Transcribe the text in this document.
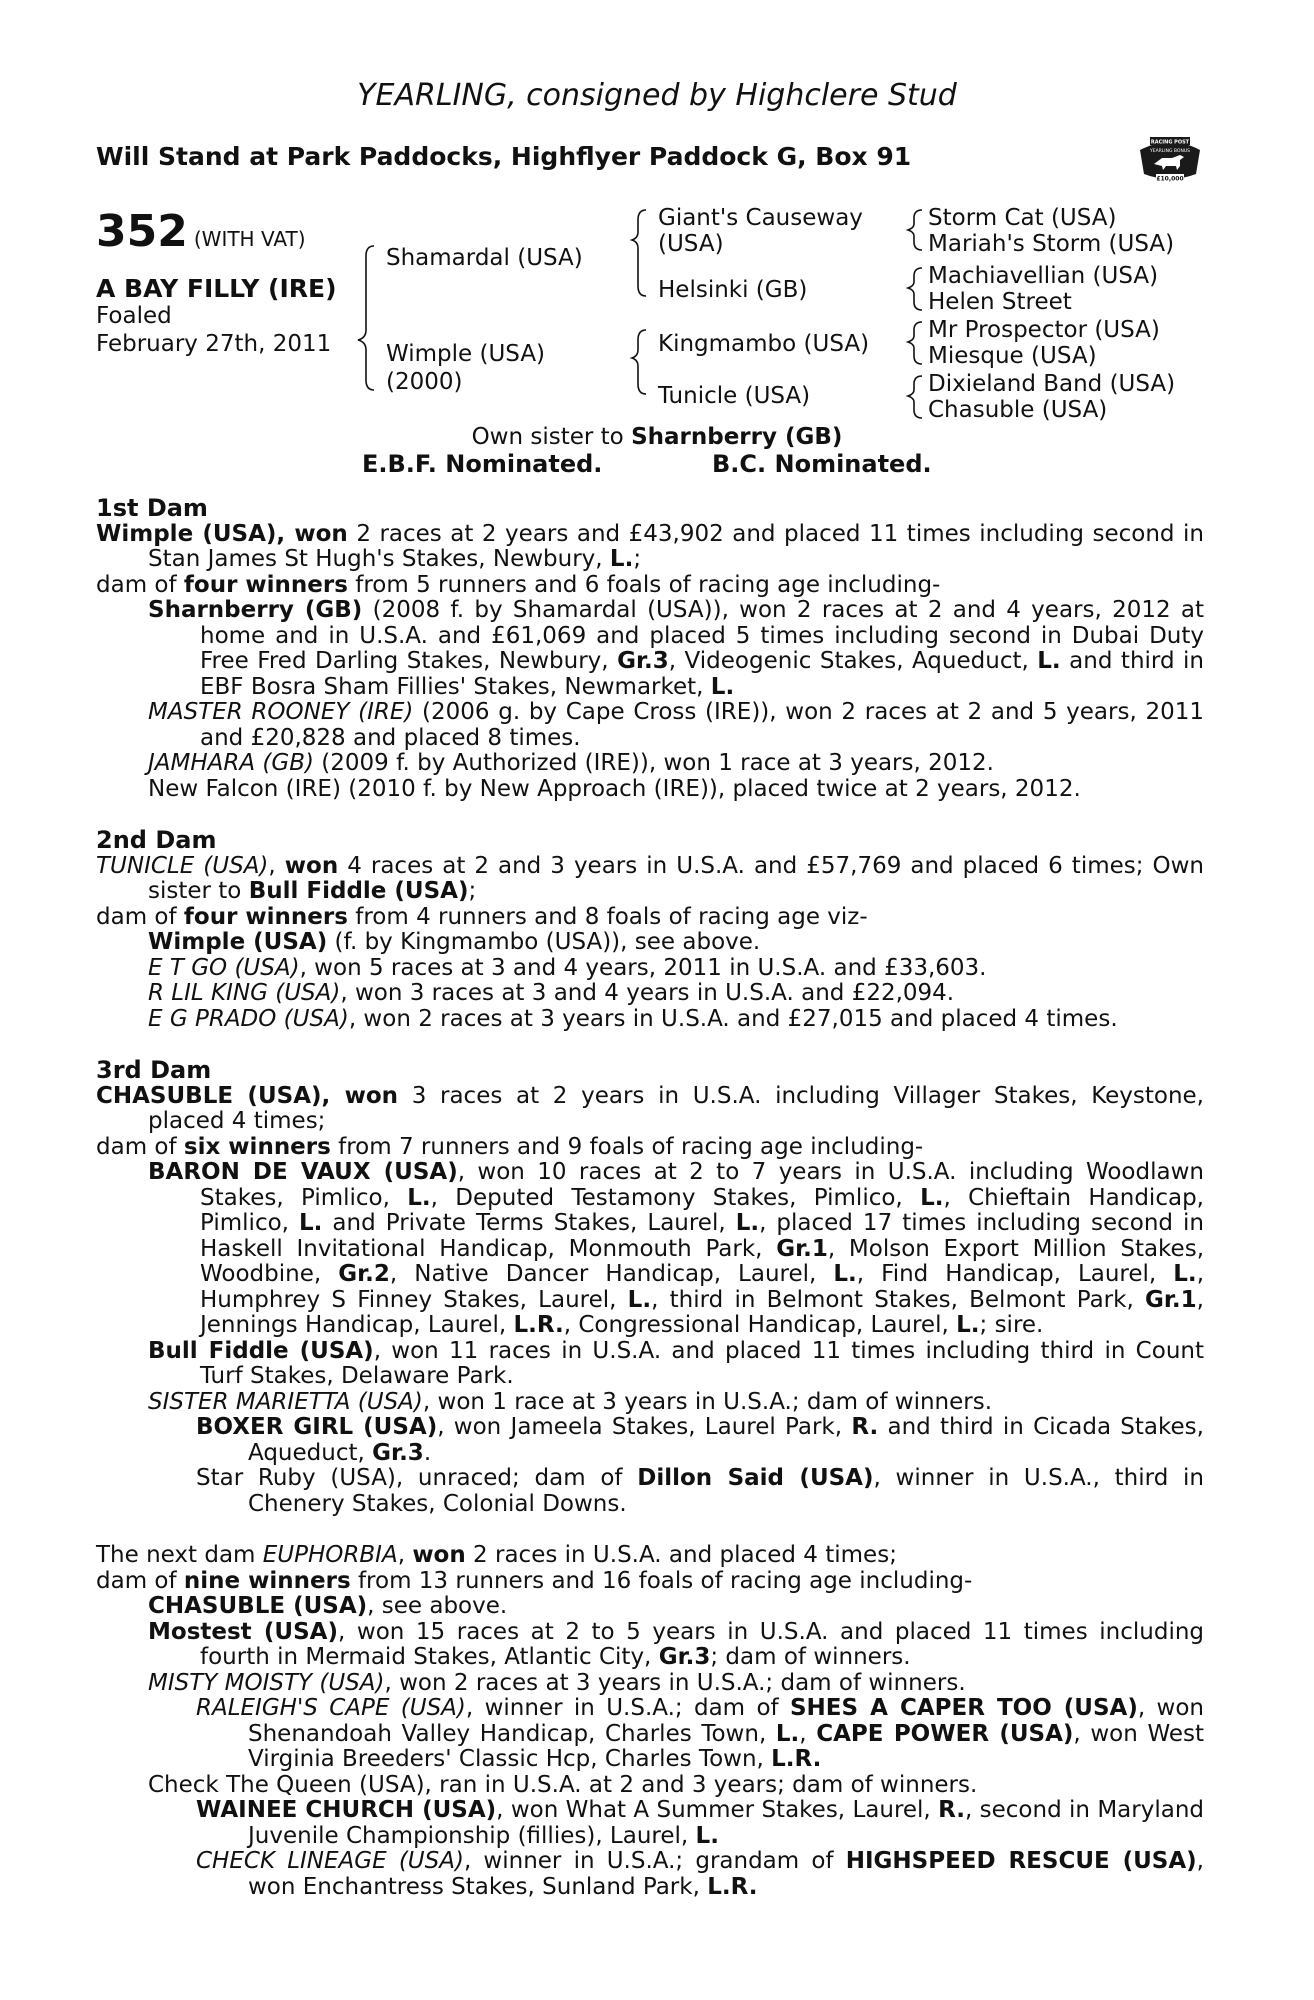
YEARLING, consigned by Highclere Stud
Will Stand at Park Paddocks, Highflyer Paddock G, Box 91	RACING POST
YEARLING BONUS
£10,000
352 (WITH VAT)
A BAY FILLY (IRE)
Foaled
February 27th, 2011
Shamardal (USA)
Wimple (USA)
(2000)
Giant's Causeway
(USA)
Helsinki (GB)
Kingmambo (USA)
Tunicle (USA)
Storm Cat (USA)
Mariah's Storm (USA)
Machiavellian (USA)
Helen Street
Mr Prospector (USA)
Miesque (USA)
Dixieland Band (USA)
Chasuble (USA)
Own sister to Sharnberry (GB)
E.B.F. Nominated.	B.C. Nominated.
1st Dam
Wimple (USA), won 2 races at 2 years and £43,902 and placed 11 times including second in Stan James St Hugh's Stakes, Newbury, L.;
dam of four winners from 5 runners and 6 foals of racing age including-
Sharnberry (GB) (2008 f. by Shamardal (USA)), won 2 races at 2 and 4 years, 2012 at home and in U.S.A. and £61,069 and placed 5 times including second in Dubai Duty Free Fred Darling Stakes, Newbury, Gr.3, Videogenic Stakes, Aqueduct, L. and third in EBF Bosra Sham Fillies' Stakes, Newmarket, L.
MASTER ROONEY (IRE) (2006 g. by Cape Cross (IRE)), won 2 races at 2 and 5 years, 2011 and £20,828 and placed 8 times.
JAMHARA (GB) (2009 f. by Authorized (IRE)), won 1 race at 3 years, 2012.
New Falcon (IRE) (2010 f. by New Approach (IRE)), placed twice at 2 years, 2012.
2nd Dam
TUNICLE (USA), won 4 races at 2 and 3 years in U.S.A. and £57,769 and placed 6 times; Own sister to Bull Fiddle (USA);
dam of four winners from 4 runners and 8 foals of racing age viz-
Wimple (USA) (f. by Kingmambo (USA)), see above.
E T GO (USA), won 5 races at 3 and 4 years, 2011 in U.S.A. and £33,603.
R LIL KING (USA), won 3 races at 3 and 4 years in U.S.A. and £22,094.
E G PRADO (USA), won 2 races at 3 years in U.S.A. and £27,015 and placed 4 times.
3rd Dam
CHASUBLE (USA), won 3 races at 2 years in U.S.A. including Villager Stakes, Keystone, placed 4 times;
dam of six winners from 7 runners and 9 foals of racing age including-
BARON DE VAUX (USA), won 10 races at 2 to 7 years in U.S.A. including Woodlawn Stakes, Pimlico, L., Deputed Testamony Stakes, Pimlico, L., Chieftain Handicap, Pimlico, L. and Private Terms Stakes, Laurel, L., placed 17 times including second in Haskell Invitational Handicap, Monmouth Park, Gr.1, Molson Export Million Stakes, Woodbine, Gr.2, Native Dancer Handicap, Laurel, L., Find Handicap, Laurel, L., Humphrey S Finney Stakes, Laurel, L., third in Belmont Stakes, Belmont Park, Gr.1, Jennings Handicap, Laurel, L.R., Congressional Handicap, Laurel, L.; sire.
Bull Fiddle (USA), won 11 races in U.S.A. and placed 11 times including third in Count Turf Stakes, Delaware Park.
SISTER MARIETTA (USA), won 1 race at 3 years in U.S.A.; dam of winners.
BOXER GIRL (USA), won Jameela Stakes, Laurel Park, R. and third in Cicada Stakes, Aqueduct, Gr.3.
Star Ruby (USA), unraced; dam of Dillon Said (USA), winner in U.S.A., third in Chenery Stakes, Colonial Downs.
The next dam EUPHORBIA, won 2 races in U.S.A. and placed 4 times;
dam of nine winners from 13 runners and 16 foals of racing age including-
CHASUBLE (USA), see above.
Mostest (USA), won 15 races at 2 to 5 years in U.S.A. and placed 11 times including fourth in Mermaid Stakes, Atlantic City, Gr.3; dam of winners.
MISTY MOISTY (USA), won 2 races at 3 years in U.S.A.; dam of winners.
RALEIGH'S CAPE (USA), winner in U.S.A.; dam of SHES A CAPER TOO (USA), won Shenandoah Valley Handicap, Charles Town, L., CAPE POWER (USA), won West Virginia Breeders' Classic Hcp, Charles Town, L.R.
Check The Queen (USA), ran in U.S.A. at 2 and 3 years; dam of winners.
WAINEE CHURCH (USA), won What A Summer Stakes, Laurel, R., second in Maryland Juvenile Championship (fillies), Laurel, L.
CHECK LINEAGE (USA), winner in U.S.A.; grandam of HIGHSPEED RESCUE (USA), won Enchantress Stakes, Sunland Park, L.R.
